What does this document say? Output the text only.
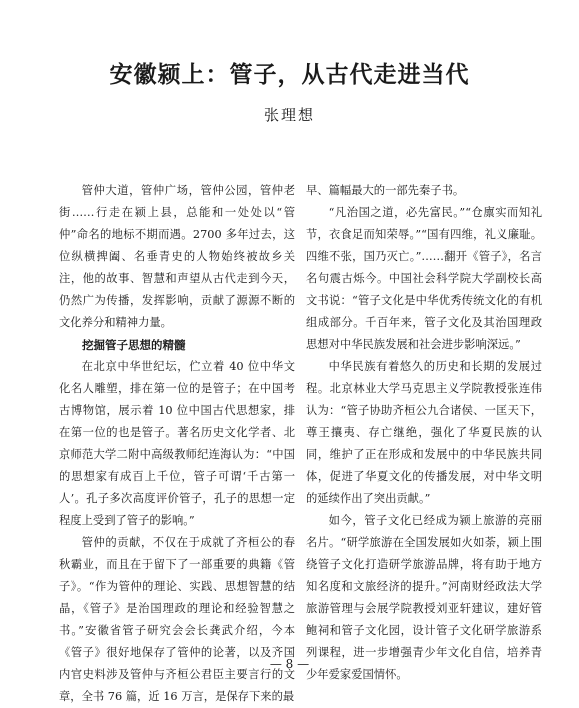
安徽颍上：管子，从古代走进当代
张理想

管仲大道，管仲广场，管仲公园，管仲老街……行走在颍上县，总能和一处处以“管仲”命名的地标不期而遇。2700 多年过去，这位纵横捭阖、名垂青史的人物始终被故乡关注，他的故事、智慧和声望从古代走到今天，仍然广为传播，发挥影响，贡献了源源不断的文化养分和精神力量。

挖掘管子思想的精髓

在北京中华世纪坛，伫立着 40 位中华文化名人雕塑，排在第一位的是管子；在中国考古博物馆，展示着 10 位中国古代思想家，排在第一位的也是管子。著名历史文化学者、北京师范大学二附中高级教师纪连海认为：“中国的思想家有成百上千位，管子可谓‘千古第一人’。孔子多次高度评价管子，孔子的思想一定程度上受到了管子的影响。”

管仲的贡献，不仅在于成就了齐桓公的春秋霸业，而且在于留下了一部重要的典籍《管子》。“作为管仲的理论、实践、思想智慧的结晶，《管子》是治国理政的理论和经验智慧之书。”安徽省管子研究会会长龚武介绍，今本《管子》很好地保存了管仲的论著，以及齐国内官史料涉及管仲与齐桓公君臣主要言行的文章，全书 76 篇，近 16 万言，是保存下来的最

早、篇幅最大的一部先秦子书。

“凡治国之道，必先富民。”“仓廪实而知礼节，衣食足而知荣辱。”“国有四维，礼义廉耻。四维不张，国乃灭亡。”……翻开《管子》，名言名句震古烁今。中国社会科学院大学副校长高文书说：“管子文化是中华优秀传统文化的有机组成部分。千百年来，管子文化及其治国理政思想对中华民族发展和社会进步影响深远。”

中华民族有着悠久的历史和长期的发展过程。北京林业大学马克思主义学院教授张连伟认为：“管子协助齐桓公九合诸侯、一匡天下，尊王攘夷、存亡继绝，强化了华夏民族的认同，维护了正在形成和发展中的中华民族共同体，促进了华夏文化的传播发展，对中华文明的延续作出了突出贡献。”

如今，管子文化已经成为颍上旅游的亮丽名片。“研学旅游在全国发展如火如荼，颍上围绕管子文化打造研学旅游品牌，将有助于地方知名度和文旅经济的提升。”河南财经政法大学旅游管理与会展学院教授刘亚轩建议，建好管鲍祠和管子文化园，设计管子文化研学旅游系列课程，进一步增强青少年文化自信，培养青少年爱家爱国情怀。

— 8 —
